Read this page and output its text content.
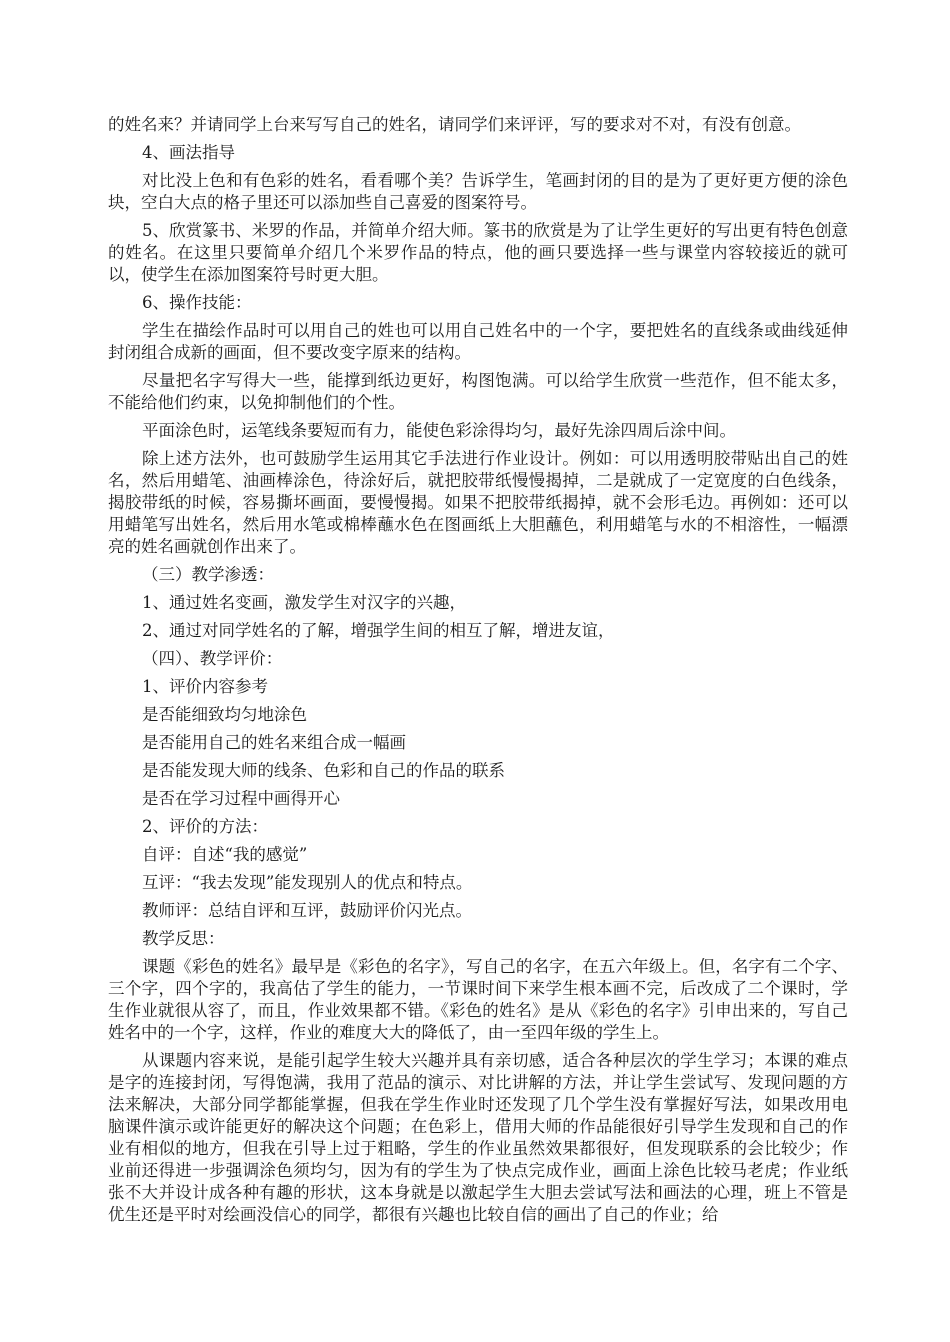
的姓名来？并请同学上台来写写自己的姓名，请同学们来评评，写的要求对不对，有没有创意。

4、画法指导

对比没上色和有色彩的姓名，看看哪个美？告诉学生，笔画封闭的目的是为了更好更方便的涂色块，空白大点的格子里还可以添加些自己喜爱的图案符号。

5、欣赏篆书、米罗的作品，并简单介绍大师。篆书的欣赏是为了让学生更好的写出更有特色创意的姓名。在这里只要简单介绍几个米罗作品的特点，他的画只要选择一些与课堂内容较接近的就可以，使学生在添加图案符号时更大胆。

6、操作技能：

学生在描绘作品时可以用自己的姓也可以用自己姓名中的一个字，要把姓名的直线条或曲线延伸封闭组合成新的画面，但不要改变字原来的结构。

尽量把名字写得大一些，能撑到纸边更好，构图饱满。可以给学生欣赏一些范作，但不能太多，不能给他们约束，以免抑制他们的个性。

平面涂色时，运笔线条要短而有力，能使色彩涂得均匀，最好先涂四周后涂中间。

除上述方法外，也可鼓励学生运用其它手法进行作业设计。例如：可以用透明胶带贴出自己的姓名，然后用蜡笔、油画棒涂色，待涂好后，就把胶带纸慢慢揭掉，二是就成了一定宽度的白色线条，揭胶带纸的时候，容易撕坏画面，要慢慢揭。如果不把胶带纸揭掉，就不会形毛边。再例如：还可以用蜡笔写出姓名，然后用水笔或棉棒蘸水色在图画纸上大胆蘸色，利用蜡笔与水的不相溶性，一幅漂亮的姓名画就创作出来了。

（三）教学渗透：

1、通过姓名变画，激发学生对汉字的兴趣，

2、通过对同学姓名的了解，增强学生间的相互了解，增进友谊，

（四）、教学评价：

1、评价内容参考

是否能细致均匀地涂色

是否能用自己的姓名来组合成一幅画

是否能发现大师的线条、色彩和自己的作品的联系

是否在学习过程中画得开心

2、评价的方法：

自评：自述“我的感觉”

互评：“我去发现”能发现别人的优点和特点。

教师评：总结自评和互评，鼓励评价闪光点。

教学反思：

课题《彩色的姓名》最早是《彩色的名字》，写自己的名字，在五六年级上。但，名字有二个字、三个字，四个字的，我高估了学生的能力，一节课时间下来学生根本画不完，后改成了二个课时，学生作业就很从容了，而且，作业效果都不错。《彩色的姓名》是从《彩色的名字》引申出来的，写自己姓名中的一个字，这样，作业的难度大大的降低了，由一至四年级的学生上。

从课题内容来说，是能引起学生较大兴趣并具有亲切感，适合各种层次的学生学习；本课的难点是字的连接封闭，写得饱满，我用了范品的演示、对比讲解的方法，并让学生尝试写、发现问题的方法来解决，大部分同学都能掌握，但我在学生作业时还发现了几个学生没有掌握好写法，如果改用电脑课件演示或许能更好的解决这个问题；在色彩上，借用大师的作品能很好引导学生发现和自己的作业有相似的地方，但我在引导上过于粗略，学生的作业虽然效果都很好，但发现联系的会比较少；作业前还得进一步强调涂色须均匀，因为有的学生为了快点完成作业，画面上涂色比较马老虎；作业纸张不大并设计成各种有趣的形状，这本身就是以激起学生大胆去尝试写法和画法的心理，班上不管是优生还是平时对绘画没信心的同学，都很有兴趣也比较自信的画出了自己的作业；给
